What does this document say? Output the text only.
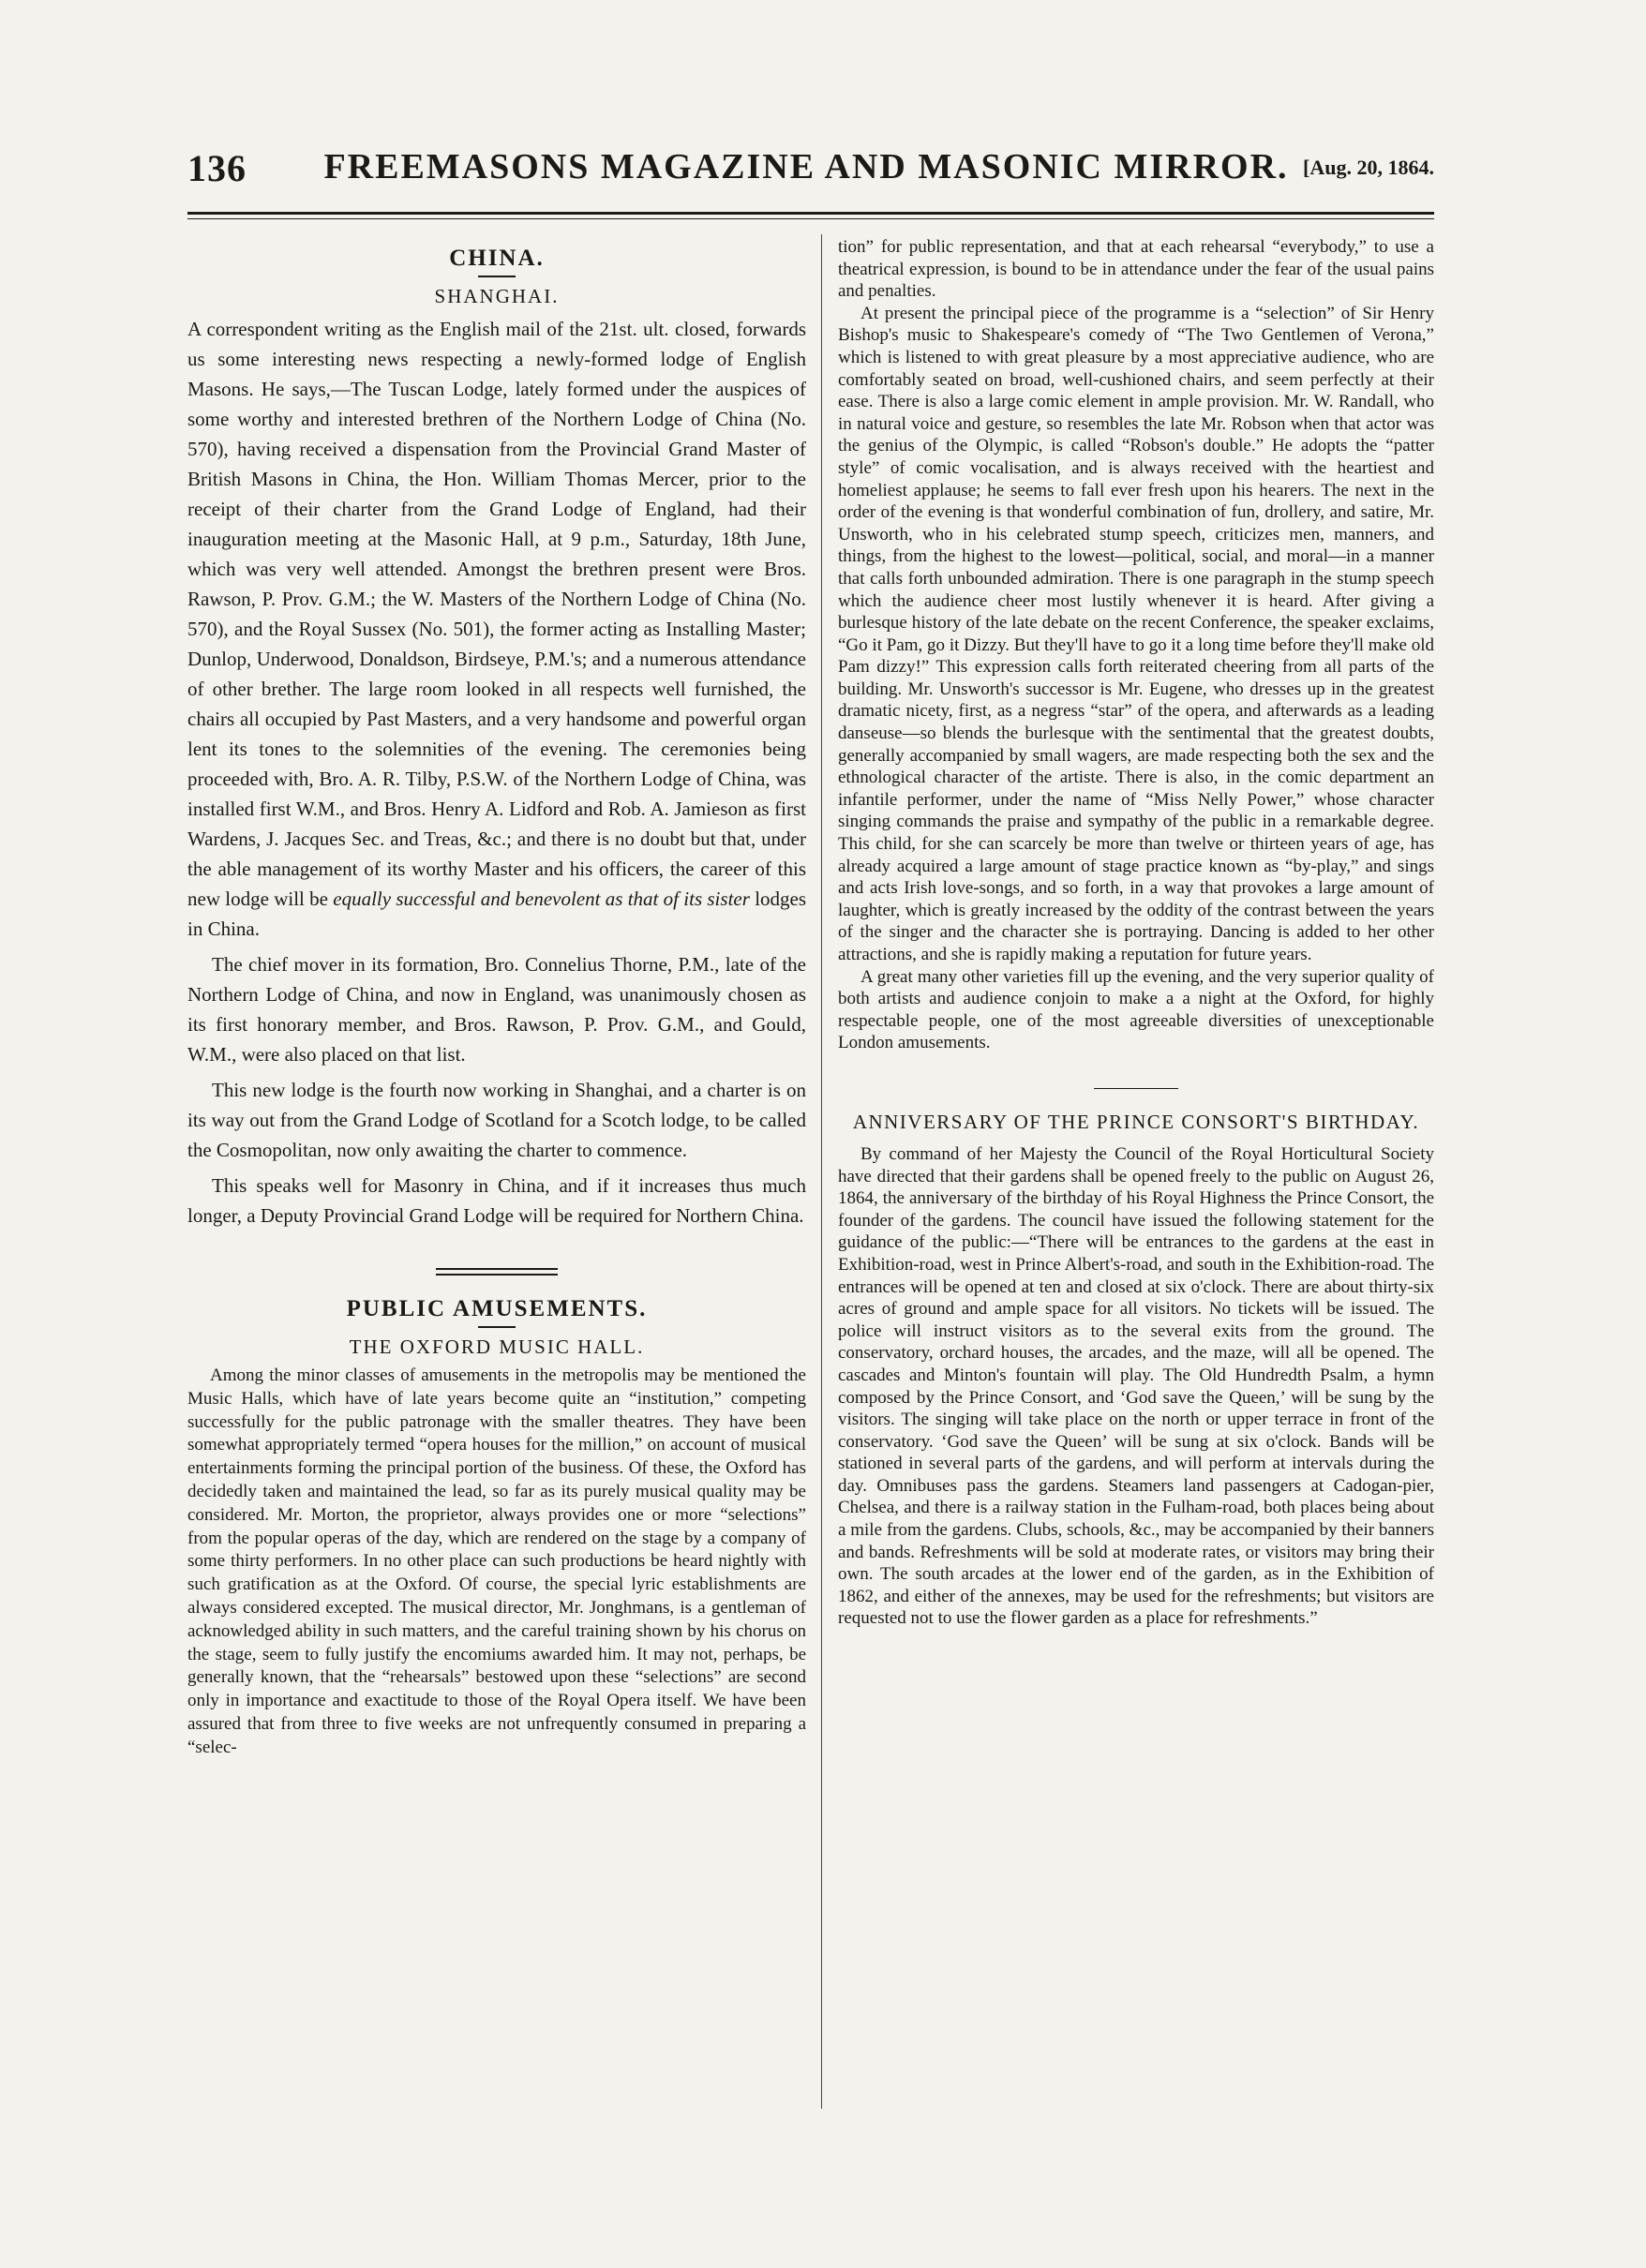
136	FREEMASONS MAGAZINE AND MASONIC MIRROR. [Aug. 20, 1864.
CHINA.
SHANGHAI.

A correspondent writing as the English mail of the 21st. ult. closed, forwards us some interesting news respecting a newly-formed lodge of English Masons. He says,—The Tuscan Lodge, lately formed under the auspices of some worthy and interested brethren of the Northern Lodge of China (No. 570), having received a dispensation from the Provincial Grand Master of British Masons in China, the Hon. William Thomas Mercer, prior to the receipt of their charter from the Grand Lodge of England, had their inauguration meeting at the Masonic Hall, at 9 p.m., Saturday, 18th June, which was very well attended. Amongst the brethren present were Bros. Rawson, P. Prov. G.M.; the W. Masters of the Northern Lodge of China (No. 570), and the Royal Sussex (No. 501), the former acting as Installing Master; Dunlop, Underwood, Donaldson, Birdseye, P.M.'s; and a numerous attendance of other brether. The large room looked in all respects well furnished, the chairs all occupied by Past Masters, and a very handsome and powerful organ lent its tones to the solemnities of the evening. The ceremonies being proceeded with, Bro. A. R. Tilby, P.S.W. of the Northern Lodge of China, was installed first W.M., and Bros. Henry A. Lidford and Rob. A. Jamieson as first Wardens, J. Jacques Sec. and Treas, &c.; and there is no doubt but that, under the able management of its worthy Master and his officers, the career of this new lodge will be equally successful and benevolent as that of its sister lodges in China.

The chief mover in its formation, Bro. Connelius Thorne, P.M., late of the Northern Lodge of China, and now in England, was unanimously chosen as its first honorary member, and Bros. Rawson, P. Prov. G.M., and Gould, W.M., were also placed on that list.

This new lodge is the fourth now working in Shanghai, and a charter is on its way out from the Grand Lodge of Scotland for a Scotch lodge, to be called the Cosmopolitan, now only awaiting the charter to commence.

This speaks well for Masonry in China, and if it increases thus much longer, a Deputy Provincial Grand Lodge will be required for Northern China.

PUBLIC AMUSEMENTS.
THE OXFORD MUSIC HALL.

Among the minor classes of amusements in the metropolis may be mentioned the Music Halls, which have of late years become quite an “institution,” competing successfully for the public patronage with the smaller theatres. They have been somewhat appropriately termed “opera houses for the million,” on account of musical entertainments forming the principal portion of the business. Of these, the Oxford has decidedly taken and maintained the lead, so far as its purely musical quality may be considered. Mr. Morton, the proprietor, always provides one or more “selections” from the popular operas of the day, which are rendered on the stage by a company of some thirty performers. In no other place can such productions be heard nightly with such gratification as at the Oxford. Of course, the special lyric establishments are always considered excepted. The musical director, Mr. Jonghmans, is a gentleman of acknowledged ability in such matters, and the careful training shown by his chorus on the stage, seem to fully justify the encomiums awarded him. It may not, perhaps, be generally known, that the “rehearsals” bestowed upon these “selections” are second only in importance and exactitude to those of the Royal Opera itself. We have been assured that from three to five weeks are not unfrequently consumed in preparing a “selec-

tion” for public representation, and that at each rehearsal “everybody,” to use a theatrical expression, is bound to be in attendance under the fear of the usual pains and penalties.

At present the principal piece of the programme is a “selection” of Sir Henry Bishop's music to Shakespeare's comedy of “The Two Gentlemen of Verona,” which is listened to with great pleasure by a most appreciative audience, who are comfortably seated on broad, well-cushioned chairs, and seem perfectly at their ease. There is also a large comic element in ample provision. Mr. W. Randall, who in natural voice and gesture, so resembles the late Mr. Robson when that actor was the genius of the Olympic, is called “Robson's double.” He adopts the “patter style” of comic vocalisation, and is always received with the heartiest and homeliest applause; he seems to fall ever fresh upon his hearers. The next in the order of the evening is that wonderful combination of fun, drollery, and satire, Mr. Unsworth, who in his celebrated stump speech, criticizes men, manners, and things, from the highest to the lowest—political, social, and moral—in a manner that calls forth unbounded admiration. There is one paragraph in the stump speech which the audience cheer most lustily whenever it is heard. After giving a burlesque history of the late debate on the recent Conference, the speaker exclaims, “Go it Pam, go it Dizzy. But they'll have to go it a long time before they'll make old Pam dizzy!” This expression calls forth reiterated cheering from all parts of the building. Mr. Unsworth's successor is Mr. Eugene, who dresses up in the greatest dramatic nicety, first, as a negress “star” of the opera, and afterwards as a leading danseuse—so blends the burlesque with the sentimental that the greatest doubts, generally accompanied by small wagers, are made respecting both the sex and the ethnological character of the artiste. There is also, in the comic department an infantile performer, under the name of “Miss Nelly Power,” whose character singing commands the praise and sympathy of the public in a remarkable degree. This child, for she can scarcely be more than twelve or thirteen years of age, has already acquired a large amount of stage practice known as “by-play,” and sings and acts Irish love-songs, and so forth, in a way that provokes a large amount of laughter, which is greatly increased by the oddity of the contrast between the years of the singer and the character she is portraying. Dancing is added to her other attractions, and she is rapidly making a reputation for future years.

A great many other varieties fill up the evening, and the very superior quality of both artists and audience conjoin to make a a night at the Oxford, for highly respectable people, one of the most agreeable diversities of unexceptionable London amusements.

ANNIVERSARY OF THE PRINCE CONSORT'S BIRTHDAY.

By command of her Majesty the Council of the Royal Horticultural Society have directed that their gardens shall be opened freely to the public on August 26, 1864, the anniversary of the birthday of his Royal Highness the Prince Consort, the founder of the gardens. The council have issued the following statement for the guidance of the public:—“There will be entrances to the gardens at the east in Exhibition-road, west in Prince Albert's-road, and south in the Exhibition-road. The entrances will be opened at ten and closed at six o'clock. There are about thirty-six acres of ground and ample space for all visitors. No tickets will be issued. The police will instruct visitors as to the several exits from the ground. The conservatory, orchard houses, the arcades, and the maze, will all be opened. The cascades and Minton's fountain will play. The Old Hundredth Psalm, a hymn composed by the Prince Consort, and ‘God save the Queen,’ will be sung by the visitors. The singing will take place on the north or upper terrace in front of the conservatory. ‘God save the Queen’ will be sung at six o'clock. Bands will be stationed in several parts of the gardens, and will perform at intervals during the day. Omnibuses pass the gardens. Steamers land passengers at Cadogan-pier, Chelsea, and there is a railway station in the Fulham-road, both places being about a mile from the gardens. Clubs, schools, &c., may be accompanied by their banners and bands. Refreshments will be sold at moderate rates, or visitors may bring their own. The south arcades at the lower end of the garden, as in the Exhibition of 1862, and either of the annexes, may be used for the refreshments; but visitors are requested not to use the flower garden as a place for refreshments.”
